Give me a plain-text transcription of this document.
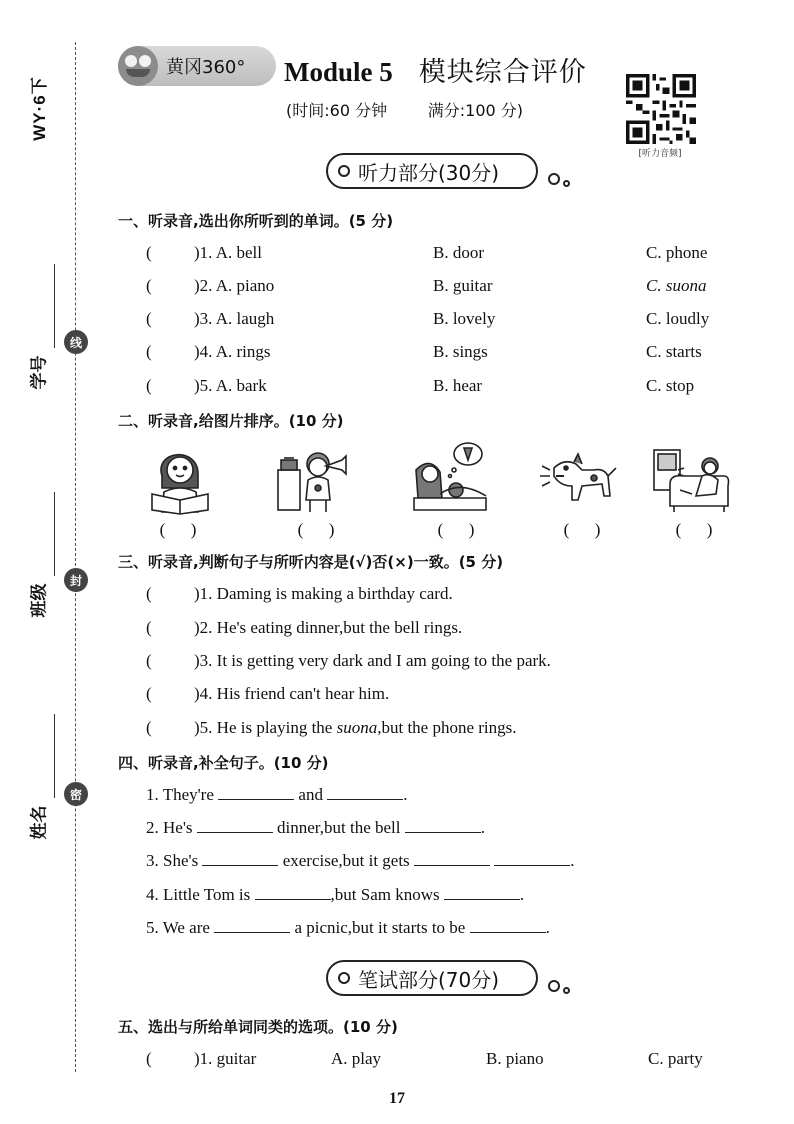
WY·6下
学号
班级
姓名
线
封
密
黄冈360° Module 5 模块综合评价
(时间:60 分钟	满分:100 分)
[听力音频]
听力部分(30分)
一、听录音,选出你所听到的单词。(5 分)
( )1. A. bell	B. door	C. phone
( )2. A. piano	B. guitar	C. suona
( )3. A. laugh	B. lovely	C. loudly
( )4. A. rings	B. sings	C. starts
( )5. A. bark	B. hear	C. stop
二、听录音,给图片排序。(10 分)
(      )	(      )	(      )	(      )	(      )
三、听录音,判断句子与所听内容是(√)否(×)一致。(5 分)
( )1. Daming is making a birthday card.
( )2. He's eating dinner,but the bell rings.
( )3. It is getting very dark and I am going to the park.
( )4. His friend can't hear him.
( )5. He is playing the suona,but the phone rings.
四、听录音,补全句子。(10 分)
1. They're	and	.
2. He's	dinner,but the bell	.
3. She's	exercise,but it gets	.
4. Little Tom is	,but Sam knows	.
5. We are	a picnic,but it starts to be	.
笔试部分(70分)
五、选出与所给单词同类的选项。(10 分)
( )1. guitar	A. play	B. piano	C. party
17
